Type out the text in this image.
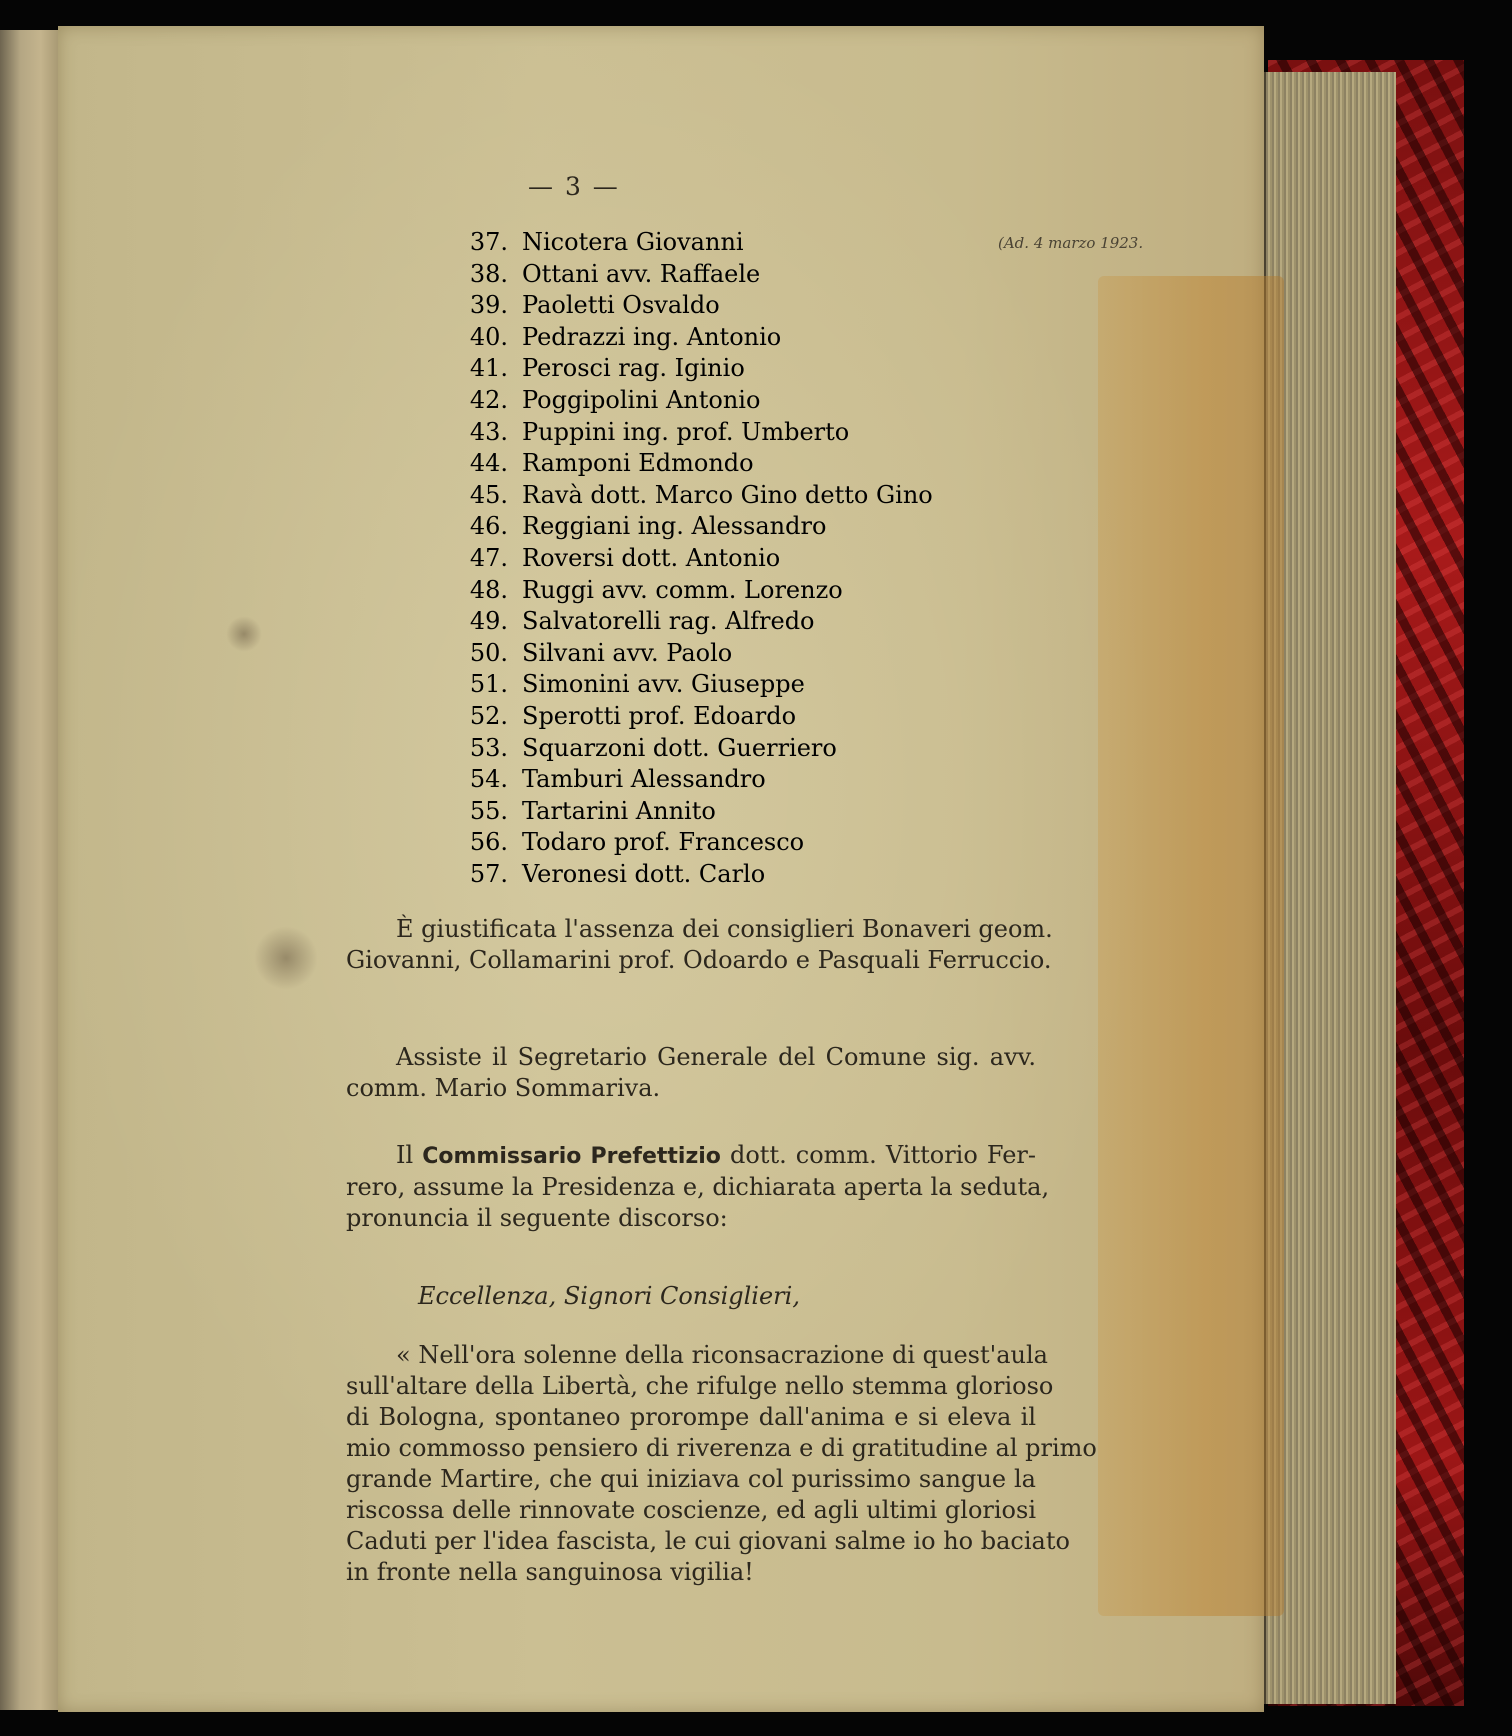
— 3 —
(Ad. 4 marzo 1923.
37. Nicotera Giovanni
38. Ottani avv. Raffaele
39. Paoletti Osvaldo
40. Pedrazzi ing. Antonio
41. Perosci rag. Iginio
42. Poggipolini Antonio
43. Puppini ing. prof. Umberto
44. Ramponi Edmondo
45. Ravà dott. Marco Gino detto Gino
46. Reggiani ing. Alessandro
47. Roversi dott. Antonio
48. Ruggi avv. comm. Lorenzo
49. Salvatorelli rag. Alfredo
50. Silvani avv. Paolo
51. Simonini avv. Giuseppe
52. Sperotti prof. Edoardo
53. Squarzoni dott. Guerriero
54. Tamburi Alessandro
55. Tartarini Annito
56. Todaro prof. Francesco
57. Veronesi dott. Carlo
È giustificata l'assenza dei consiglieri Bonaveri geom.
Giovanni, Collamarini prof. Odoardo e Pasquali Ferruccio.
Assiste il Segretario Generale del Comune sig. avv.
comm. Mario Sommariva.
Il Commissario Prefettizio dott. comm. Vittorio Fer-
rero, assume la Presidenza e, dichiarata aperta la seduta,
pronuncia il seguente discorso:
Eccellenza, Signori Consiglieri,
« Nell'ora solenne della riconsacrazione di quest'aula
sull'altare della Libertà, che rifulge nello stemma glorioso
di Bologna, spontaneo prorompe dall'anima e si eleva il
mio commosso pensiero di riverenza e di gratitudine al primo
grande Martire, che qui iniziava col purissimo sangue la
riscossa delle rinnovate coscienze, ed agli ultimi gloriosi
Caduti per l'idea fascista, le cui giovani salme io ho baciato
in fronte nella sanguinosa vigilia!
